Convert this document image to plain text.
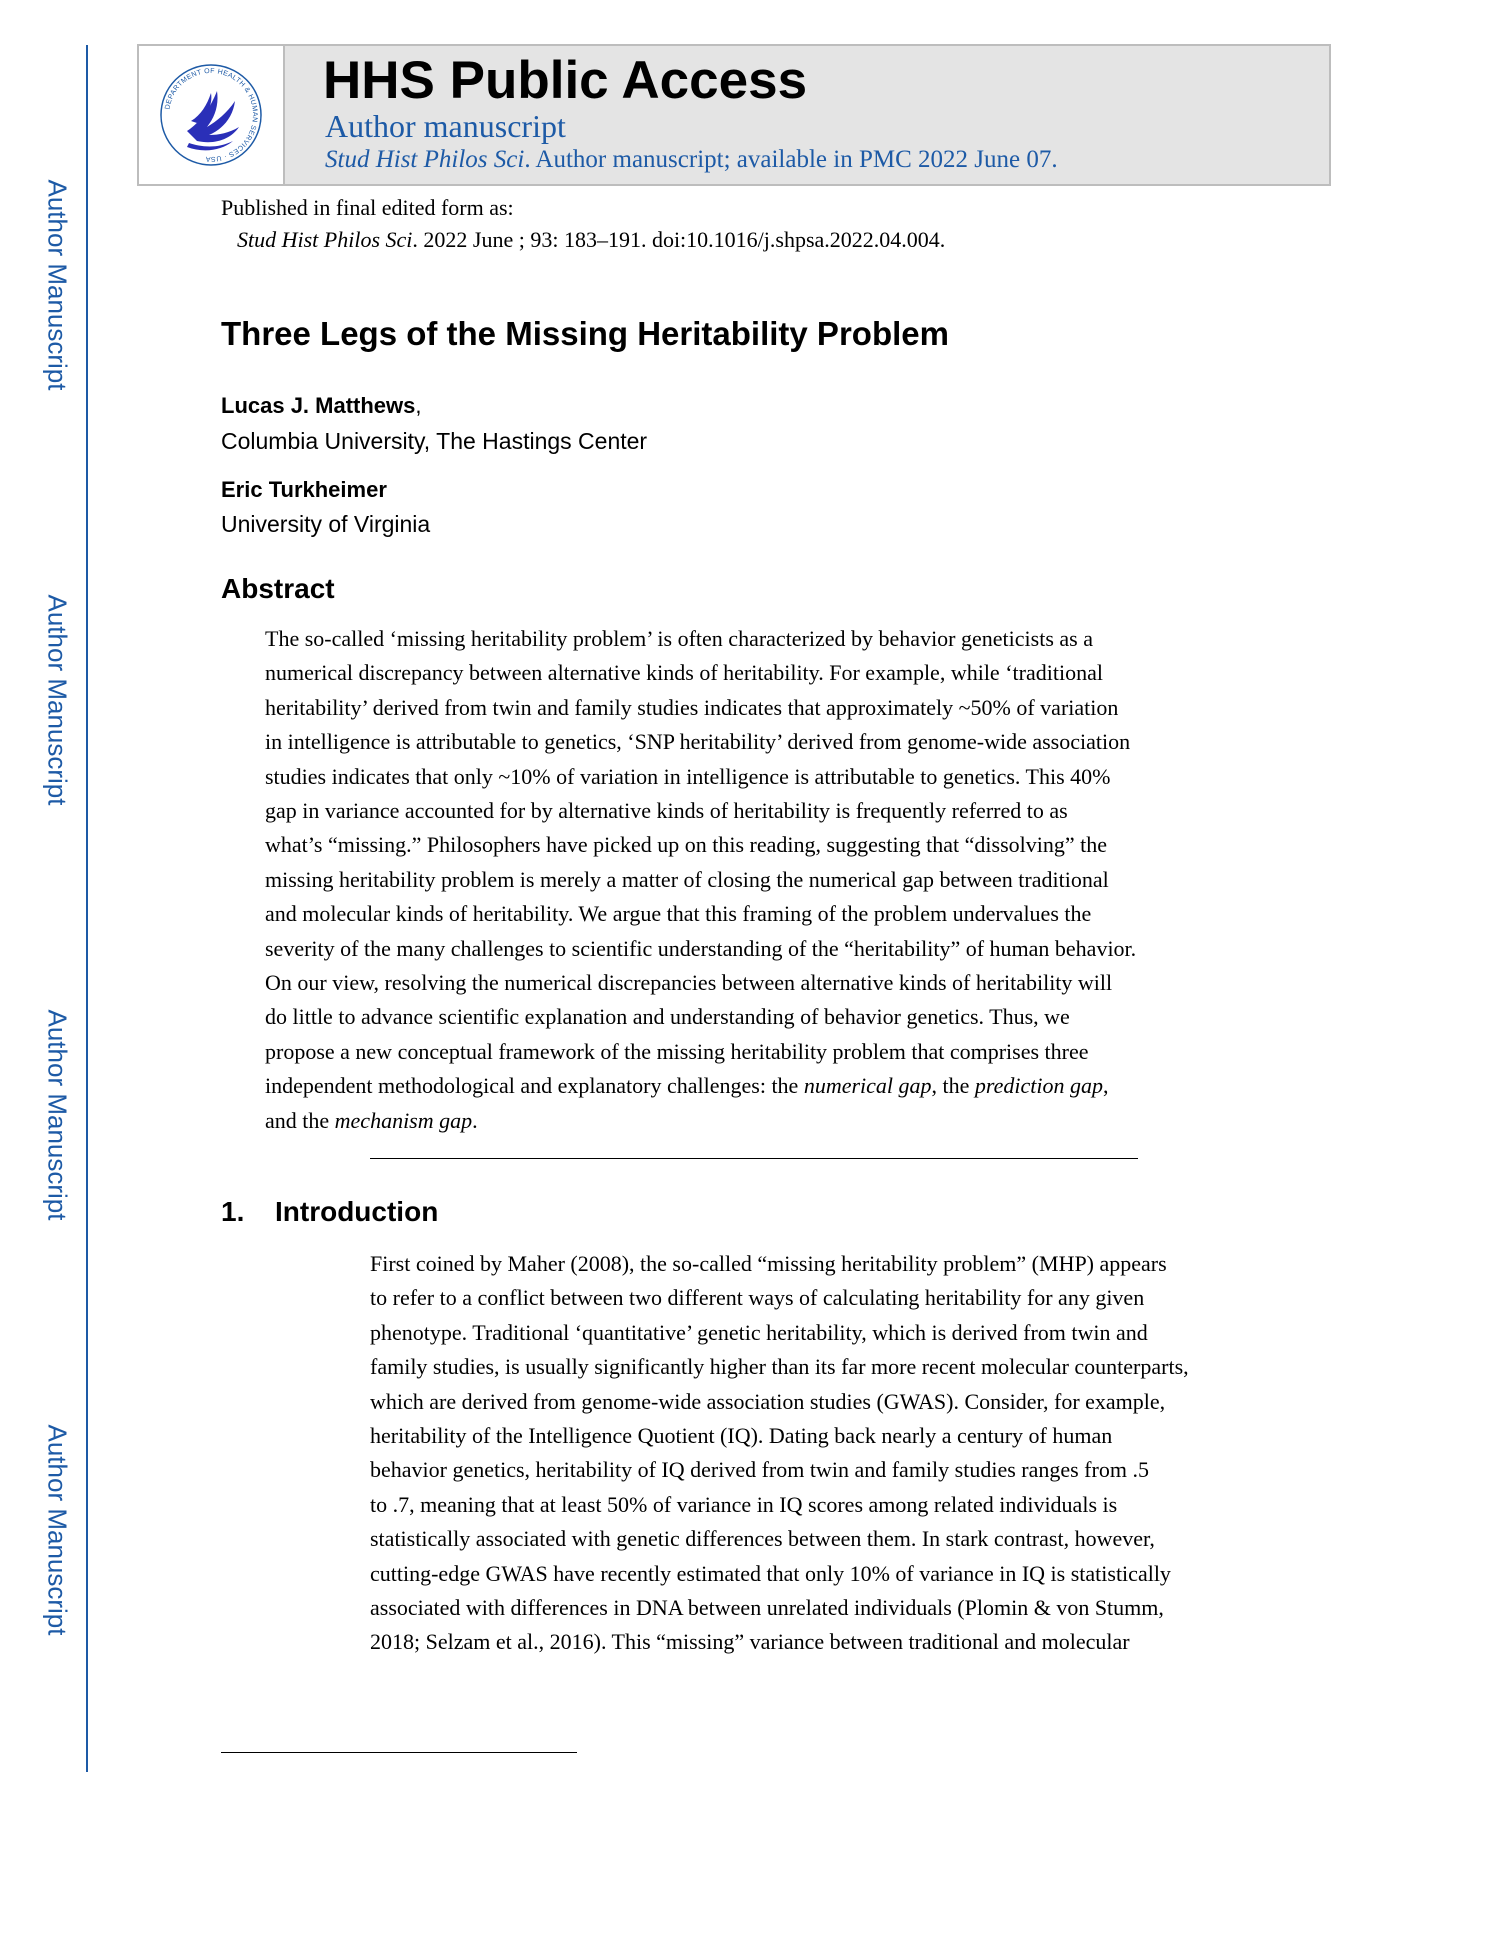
Author Manuscript
Author Manuscript
Author Manuscript
Author Manuscript
DEPARTMENT OF HEALTH & HUMAN SERVICES · USA
HHS Public Access
Author manuscript
Stud Hist Philos Sci. Author manuscript; available in PMC 2022 June 07.
Published in final edited form as:
Stud Hist Philos Sci. 2022 June ; 93: 183–191. doi:10.1016/j.shpsa.2022.04.004.
Three Legs of the Missing Heritability Problem
Lucas J. Matthews,
Columbia University, The Hastings Center
Eric Turkheimer
University of Virginia
Abstract
The so-called ‘missing heritability problem’ is often characterized by behavior geneticists as a
numerical discrepancy between alternative kinds of heritability. For example, while ‘traditional
heritability’ derived from twin and family studies indicates that approximately ~50% of variation
in intelligence is attributable to genetics, ‘SNP heritability’ derived from genome-wide association
studies indicates that only ~10% of variation in intelligence is attributable to genetics. This 40%
gap in variance accounted for by alternative kinds of heritability is frequently referred to as
what’s “missing.” Philosophers have picked up on this reading, suggesting that “dissolving” the
missing heritability problem is merely a matter of closing the numerical gap between traditional
and molecular kinds of heritability. We argue that this framing of the problem undervalues the
severity of the many challenges to scientific understanding of the “heritability” of human behavior.
On our view, resolving the numerical discrepancies between alternative kinds of heritability will
do little to advance scientific explanation and understanding of behavior genetics. Thus, we
propose a new conceptual framework of the missing heritability problem that comprises three
independent methodological and explanatory challenges: the numerical gap, the prediction gap,
and the mechanism gap.
1. Introduction
First coined by Maher (2008), the so-called “missing heritability problem” (MHP) appears
to refer to a conflict between two different ways of calculating heritability for any given
phenotype. Traditional ‘quantitative’ genetic heritability, which is derived from twin and
family studies, is usually significantly higher than its far more recent molecular counterparts,
which are derived from genome-wide association studies (GWAS). Consider, for example,
heritability of the Intelligence Quotient (IQ). Dating back nearly a century of human
behavior genetics, heritability of IQ derived from twin and family studies ranges from .5
to .7, meaning that at least 50% of variance in IQ scores among related individuals is
statistically associated with genetic differences between them. In stark contrast, however,
cutting-edge GWAS have recently estimated that only 10% of variance in IQ is statistically
associated with differences in DNA between unrelated individuals (Plomin & von Stumm,
2018; Selzam et al., 2016). This “missing” variance between traditional and molecular
